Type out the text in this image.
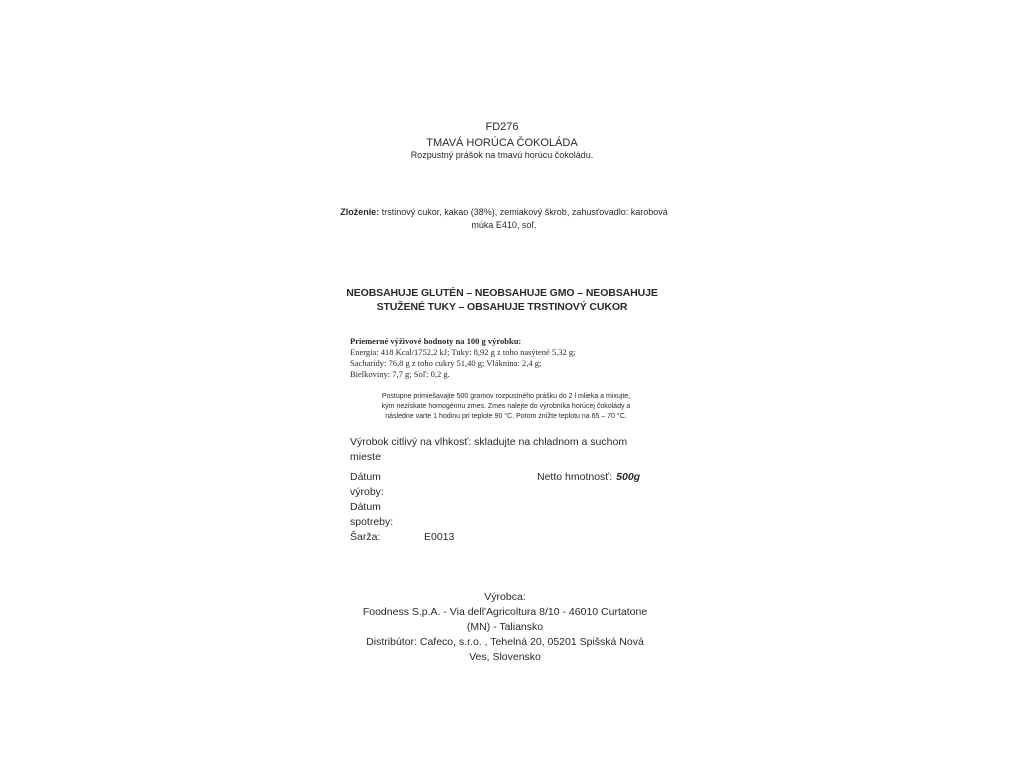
FD276
TMAVÁ HORÚCA ČOKOLÁDA
Rozpustný prášok na tmavú horúcu čokoládu.
Zloženie: trstinový cukor, kakao (38%), zemiakový škrob, zahusťovadlo: karobová múka E410, soľ.
NEOBSAHUJE GLUTÉN – NEOBSAHUJE GMO – NEOBSAHUJE
STUŽENÉ TUKY – OBSAHUJE TRSTINOVÝ CUKOR
Priemerné výživové hodnoty na 100 g výrobku:
Energia: 418 Kcal/1752,2 kJ; Tuky: 8,92 g z toho nasýtené 5,32 g;
Sacharidy: 76,8 g z toho cukry 51,40 g; Vláknina: 2,4 g;
Bielkoviny: 7,7 g; Soľ: 0,2 g.
Postupne primiešavajte 500 gramov rozpustného prášku do 2 l mlieka a mixujte,
kým nezískate homogénnu zmes. Zmes nalejte do výrobníka horúcej čokolády a
následne varte 1 hodinu pri teplote 90 °C. Potom znížte teplotu na 65 – 70 °C.
Výrobok citlivý na vlhkosť: skladujte na chladnom a suchom mieste
Dátum
výroby:
Dátum
spotreby:
Šarža:	E0013
Netto hmotnosť: 500g
Výrobca:
Foodness S.p.A. - Via dell'Agricoltura 8/10 - 46010 Curtatone
(MN) - Taliansko
Distribútor: Cafeco, s.r.o. , Tehelná 20, 05201 Spišská Nová
Ves, Slovensko
